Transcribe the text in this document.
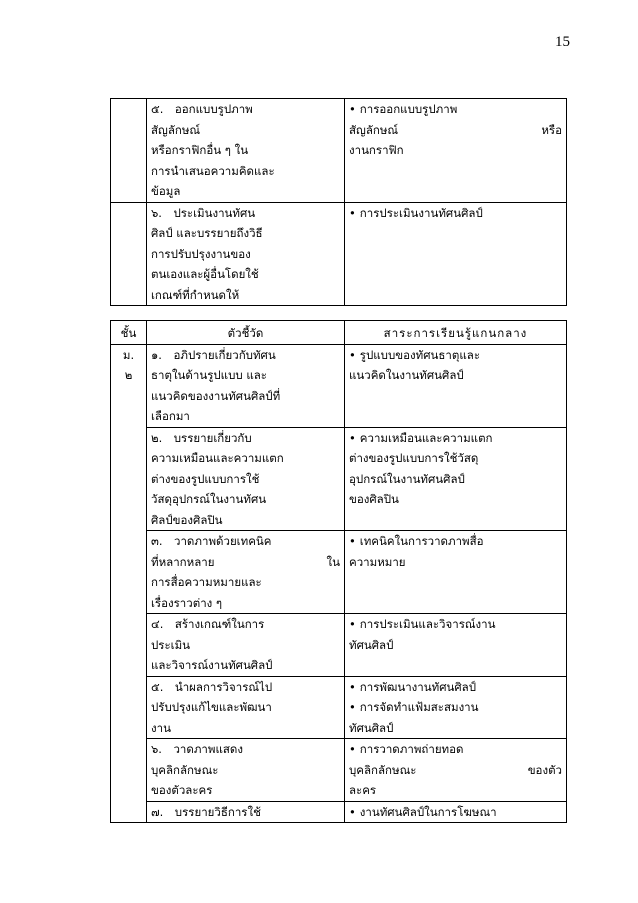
15

	๕. ออกแบบรูปภาพ
สัญลักษณ์
หรือกราฟิกอื่น ๆ ใน
การนำเสนอความคิดและ
ข้อมูล	• การออกแบบรูปภาพ
สัญลักษณ์ หรือ
งานกราฟิก

	๖. ประเมินงานทัศน
ศิลป์ และบรรยายถึงวิธี
การปรับปรุงงานของ
ตนเองและผู้อื่นโดยใช้
เกณฑ์ที่กำหนดให้	• การประเมินงานทัศนศิลป์

ชั้น	ตัวชี้วัด	สาระการเรียนรู้แกนกลาง

ม.
๒	๑. อภิปรายเกี่ยวกับทัศน
ธาตุในด้านรูปแบบ และ
แนวคิดของงานทัศนศิลป์ที่
เลือกมา	• รูปแบบของทัศนธาตุและ
แนวคิดในงานทัศนศิลป์

	๒. บรรยายเกี่ยวกับ
ความเหมือนและความแตก
ต่างของรูปแบบการใช้
วัสดุอุปกรณ์ในงานทัศน
ศิลป์ของศิลปิน	• ความเหมือนและความแตก
ต่างของรูปแบบการใช้วัสดุ
อุปกรณ์ในงานทัศนศิลป์
ของศิลปิน

	๓. วาดภาพด้วยเทคนิค
ที่หลากหลาย ใน
การสื่อความหมายและ
เรื่องราวต่าง ๆ	• เทคนิคในการวาดภาพสื่อ
ความหมาย

	๔. สร้างเกณฑ์ในการ
ประเมิน
และวิจารณ์งานทัศนศิลป์	• การประเมินและวิจารณ์งาน
ทัศนศิลป์

	๕. นำผลการวิจารณ์ไป
ปรับปรุงแก้ไขและพัฒนา
งาน	• การพัฒนางานทัศนศิลป์
• การจัดทำแฟ้มสะสมงาน
ทัศนศิลป์

	๖. วาดภาพแสดง
บุคลิกลักษณะ
ของตัวละคร	• การวาดภาพถ่ายทอด
บุคลิกลักษณะ ของตัว
ละคร

	๗. บรรยายวิธีการใช้	• งานทัศนศิลป์ในการโฆษณา
